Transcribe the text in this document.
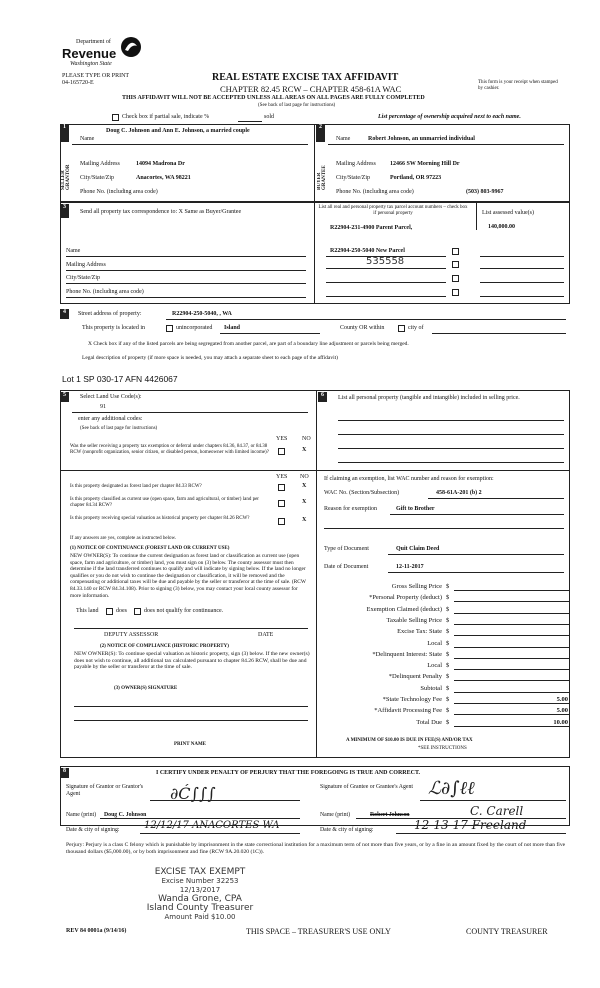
Department of
Revenue
Washington State
PLEASE TYPE OR PRINT
04-165720-E	REAL ESTATE EXCISE TAX AFFIDAVIT
CHAPTER 82.45 RCW – CHAPTER 458-61A WAC
This form is your receipt when stamped by cashier.
THIS AFFIDAVIT WILL NOT BE ACCEPTED UNLESS ALL AREAS ON ALL PAGES ARE FULLY COMPLETED
(See back of last page for instructions)
Check box if partial sale, indicate %	sold	List percentage of ownership acquired next to each name.
1
SELLER GRANTOR
Name
Doug C. Johnson and Ann E. Johnson, a married couple
Mailing Address	14094 Madrona Dr
City/State/Zip	Anacortes, WA 98221
Phone No. (including area code)
2
BUYER GRANTEE
Name	Robert Johnson, an unmarried individual
Mailing Address 12466 SW Morning Hill Dr
City/State/Zip	Portland, OR 97223
Phone No. (including area code)	(503) 803-9967
3
Send all property tax correspondence to: X Same as Buyer/Grantee
List all real and personal property tax parcel account numbers – check box if personal property	List assessed value(s)
R22904-231-4900 Parent Parcel,	140,000.00
R22904-250-5040 New Parcel
535558
Name
Mailing Address
City/State/Zip
Phone No. (including area code)
4	Street address of property:	R22904-250-5040, , WA
This property is located in	unincorporated Island	County OR within	city of
X Check box if any of the listed parcels are being segregated from another parcel, are part of a boundary line adjustment or parcels being merged.
Legal description of property (if more space is needed, you may attach a separate sheet to each page of the affidavit)
Lot 1 SP 030-17 AFN 4426067
5	Select Land Use Code(s):
91
enter any additional codes:
(See back of last page for instructions)
YES NO
Was the seller receiving a property tax exemption or deferral under chapters 84.36, 84.37, or 84.38 RCW (nonprofit organization, senior citizen, or disabled person, homeowner with limited income)?	X
YES NO
Is this property designated as forest land per chapter 84.33 RCW?	X
Is this property classified as current use (open space, farm and agricultural, or timber) land per chapter 84.34 RCW?
X
Is this property receiving special valuation as historical property per chapter 84.26 RCW?	X
If any answers are yes, complete as instructed below.
(1) NOTICE OF CONTINUANCE (FOREST LAND OR CURRENT USE)
NEW OWNER(S): To continue the current designation as forest land or classification as current use (open space, farm and agriculture, or timber) land, you must sign on (3) below. The county assessor must then determine if the land transferred continues to qualify and will indicate by signing below. If the land no longer qualifies or you do not wish to continue the designation or classification, it will be removed and the compensating or additional taxes will be due and payable by the seller or transferor at the time of sale. (RCW 84.33.140 or RCW 84.34.108). Prior to signing (3) below, you may contact your local county assessor for more information.
This land	does	does not qualify for continuance.
DEPUTY ASSESSOR	DATE
(2) NOTICE OF COMPLIANCE (HISTORIC PROPERTY)
NEW OWNER(S): To continue special valuation as historic property, sign (3) below. If the new owner(s) does not wish to continue, all additional tax calculated pursuant to chapter 84.26 RCW, shall be due and payable by the seller or transferor at the time of sale.
(3) OWNER(S) SIGNATURE
PRINT NAME
6	List all personal property (tangible and intangible) included in selling price.
If claiming an exemption, list WAC number and reason for exemption:
WAC No. (Section/Subsection)	458-61A-201 (b) 2
Reason for exemption	Gift to Brother
Type of Document	Quit Claim Deed
Date of Document	12-11-2017
Gross Selling Price $
*Personal Property (deduct) $
Exemption Claimed (deduct) $
Taxable Selling Price $
Excise Tax: State $
Local $
*Delinquent Interest: State $
Local $
*Delinquent Penalty $
Subtotal $
*State Technology Fee $	5.00
*Affidavit Processing Fee $	5.00
Total Due $	10.00
A MINIMUM OF $10.00 IS DUE IN FEE(S) AND/OR TAX
*SEE INSTRUCTIONS
8	I CERTIFY UNDER PENALTY OF PERJURY THAT THE FOREGOING IS TRUE AND CORRECT.
Signature of Grantor or Grantor's Agent	∂Ć∫∫∫
Name (print) Doug C. Johnson
Date & city of signing: 12/12/17 ANACORTES WA
Signature of Grantee or Grantee's Agent ℒ∂∫ℓℓ
Name (print)	Robert Johnson	C. Carell
Date & city of signing:	12-13-17 Freeland
Perjury: Perjury is a class C felony which is punishable by imprisonment in the state correctional institution for a maximum term of not more than five years, or by a fine in an amount fixed by the court of not more than five thousand dollars ($5,000.00), or by both imprisonment and fine (RCW 9A.20.020 (1C)).
EXCISE TAX EXEMPT
Excise Number 32253
12/13/2017
Wanda Grone, CPA
Island County Treasurer
Amount Paid $10.00
REV 84 0001a (9/14/16)	THIS SPACE – TREASURER'S USE ONLY	COUNTY TREASURER
